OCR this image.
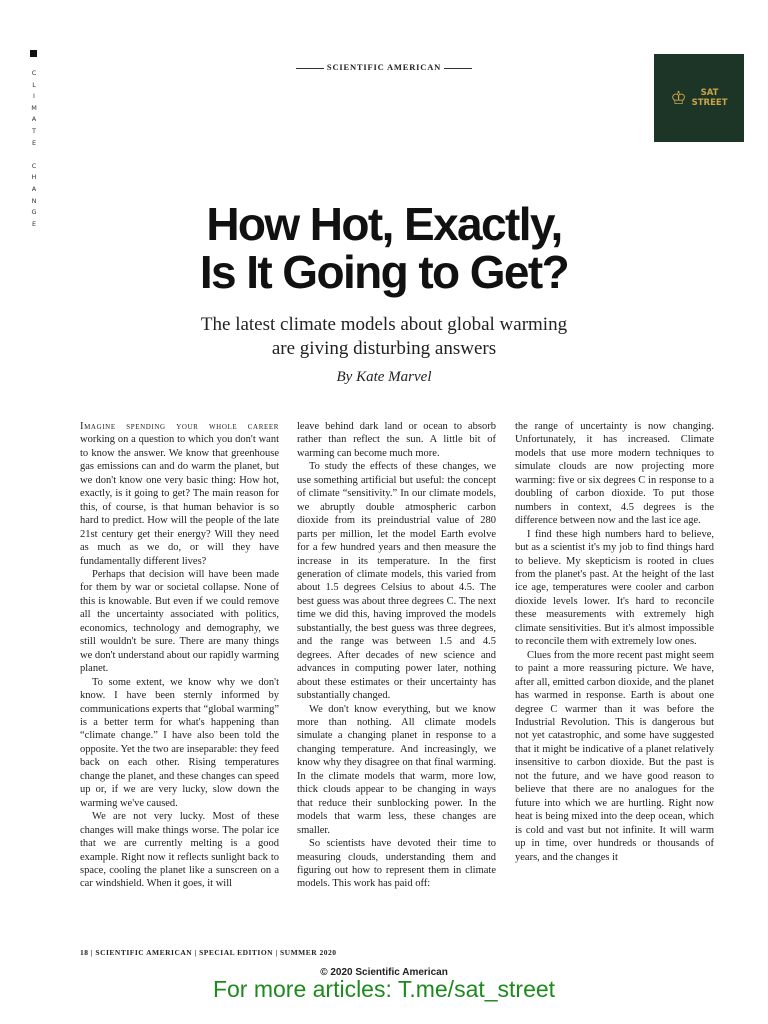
C
L
I
M
A
T
E

C
H
A
N
G
E
SCIENTIFIC AMERICAN
♔	SAT
STREET
How Hot, Exactly,
Is It Going to Get?
The latest climate models about global warming
are giving disturbing answers
By Kate Marvel

Imagine spending your whole career working on a question to which you don't want to know the answer. We know that greenhouse gas emissions can and do warm the planet, but we don't know one very basic thing: How hot, exactly, is it going to get? The main reason for this, of course, is that human behavior is so hard to predict. How will the people of the late 21st century get their energy? Will they need as much as we do, or will they have fundamentally different lives?

Perhaps that decision will have been made for them by war or societal collapse. None of this is knowable. But even if we could remove all the uncertainty associated with politics, economics, technology and demography, we still wouldn't be sure. There are many things we don't understand about our rapidly warming planet.

To some extent, we know why we don't know. I have been sternly informed by communications experts that “global warming” is a better term for what's happening than “climate change.” I have also been told the opposite. Yet the two are inseparable: they feed back on each other. Rising temperatures change the planet, and these changes can speed up or, if we are very lucky, slow down the warming we've caused.

We are not very lucky. Most of these changes will make things worse. The polar ice that we are currently melting is a good example. Right now it reflects sunlight back to space, cooling the planet like a sunscreen on a car windshield. When it goes, it will

leave behind dark land or ocean to absorb rather than reflect the sun. A little bit of warming can become much more.

To study the effects of these changes, we use something artificial but useful: the concept of climate “sensitivity.” In our climate models, we abruptly double atmospheric carbon dioxide from its preindustrial value of 280 parts per million, let the model Earth evolve for a few hundred years and then measure the increase in its temperature. In the first generation of climate models, this varied from about 1.5 degrees Celsius to about 4.5. The best guess was about three degrees C. The next time we did this, having improved the models substantially, the best guess was three degrees, and the range was between 1.5 and 4.5 degrees. After decades of new science and advances in computing power later, nothing about these estimates or their uncertainty has substantially changed.

We don't know everything, but we know more than nothing. All climate models simulate a changing planet in response to a changing temperature. And increasingly, we know why they disagree on that final warming. In the climate models that warm, more low, thick clouds appear to be changing in ways that reduce their sunblocking power. In the models that warm less, these changes are smaller.

So scientists have devoted their time to measuring clouds, understanding them and figuring out how to represent them in climate models. This work has paid off:

the range of uncertainty is now changing. Unfortunately, it has increased. Climate models that use more modern techniques to simulate clouds are now projecting more warming: five or six degrees C in response to a doubling of carbon dioxide. To put those numbers in context, 4.5 degrees is the difference between now and the last ice age.

I find these high numbers hard to believe, but as a scientist it's my job to find things hard to believe. My skepticism is rooted in clues from the planet's past. At the height of the last ice age, temperatures were cooler and carbon dioxide levels lower. It's hard to reconcile these measurements with extremely high climate sensitivities. But it's almost impossible to reconcile them with extremely low ones.

Clues from the more recent past might seem to paint a more reassuring picture. We have, after all, emitted carbon dioxide, and the planet has warmed in response. Earth is about one degree C warmer than it was before the Industrial Revolution. This is dangerous but not yet catastrophic, and some have suggested that it might be indicative of a planet relatively insensitive to carbon dioxide. But the past is not the future, and we have good reason to believe that there are no analogues for the future into which we are hurtling. Right now heat is being mixed into the deep ocean, which is cold and vast but not infinite. It will warm up in time, over hundreds or thousands of years, and the changes it

18 | SCIENTIFIC AMERICAN | SPECIAL EDITION | SUMMER 2020
© 2020 Scientific American
For more articles: T.me/sat_street
